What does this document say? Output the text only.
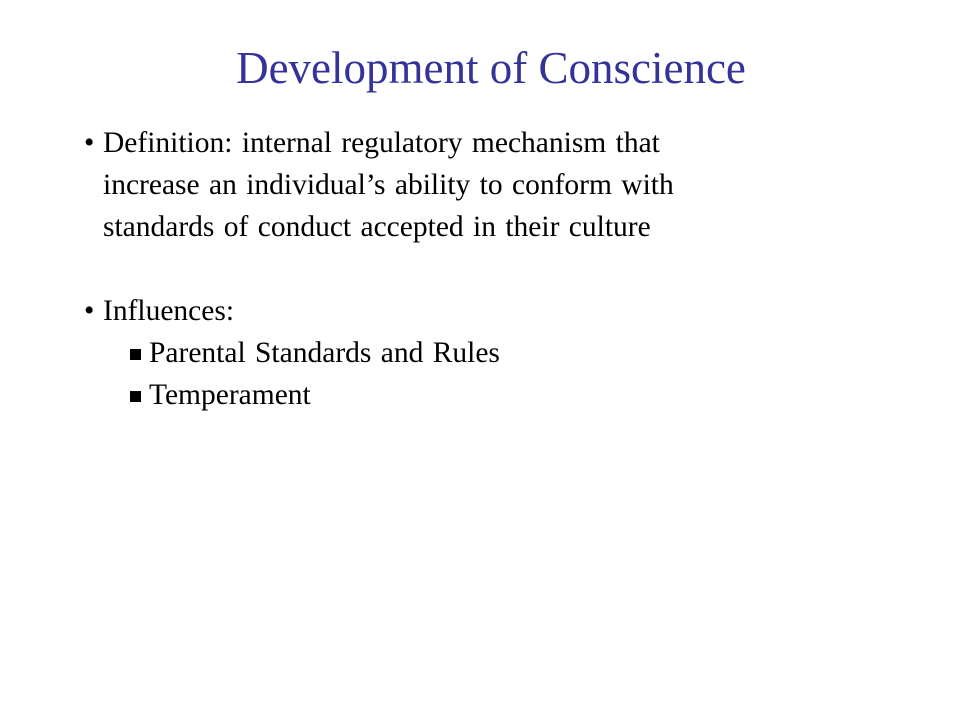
Development of Conscience
• Definition: internal regulatory mechanism that
increase an individual’s ability to conform with
standards of conduct accepted in their culture
• Influences:
Parental Standards and Rules
Temperament
